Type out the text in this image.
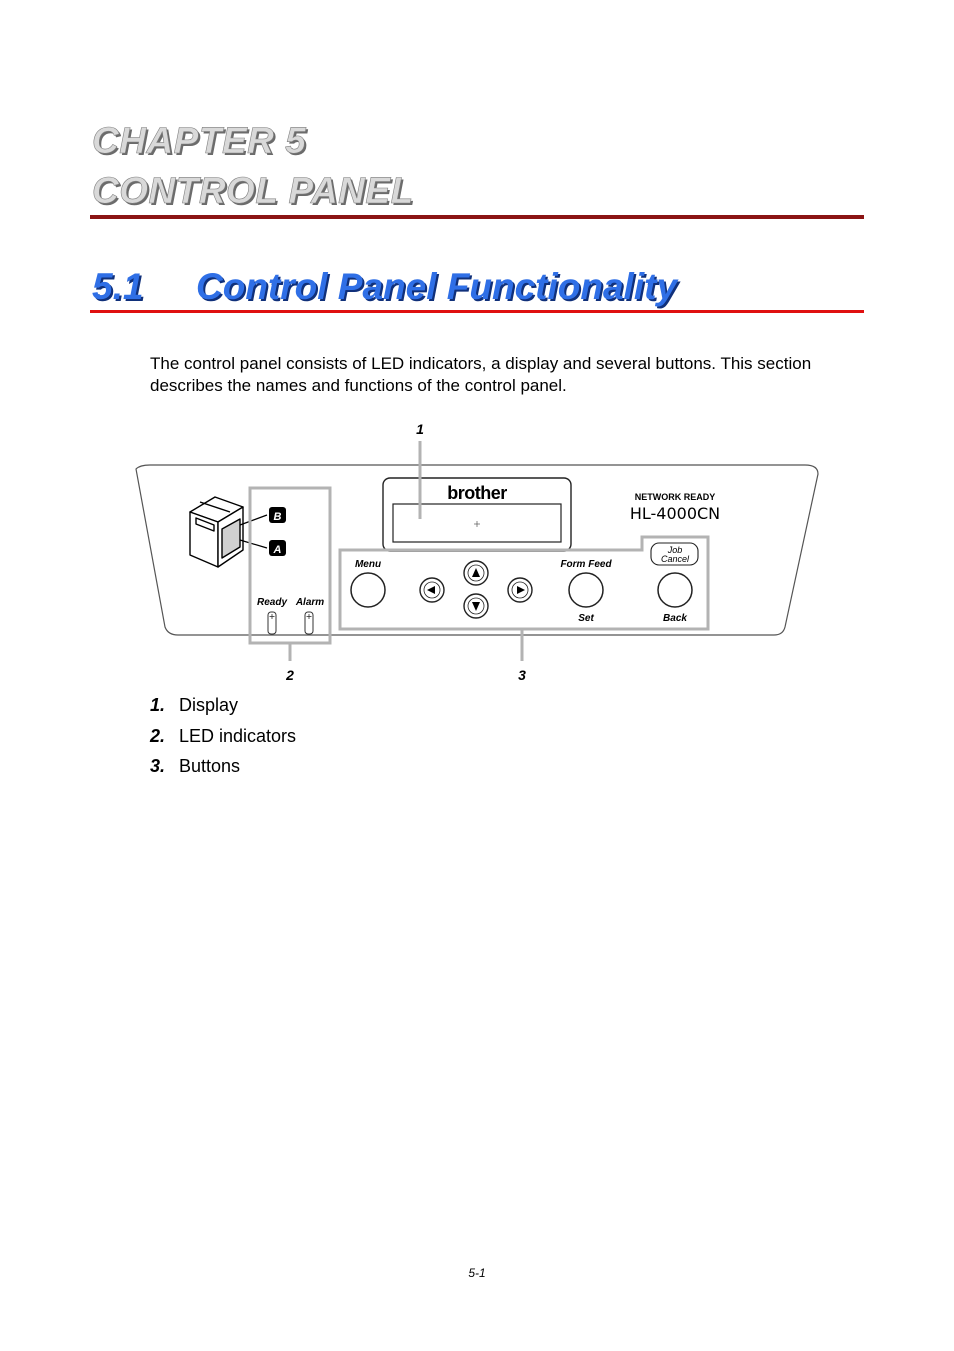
CHAPTER 5
CONTROL PANEL
5.1 Control Panel Functionality

The control panel consists of LED indicators, a display and several buttons. This section describes the names and functions of the control panel.

B
A
Ready Alarm
brother	NETWORK READY
HL-4000CN
Menu	Form Feed
Set
Job
Cancel
Back
1
2	3
1. Display
2. LED indicators
3. Buttons
5-1
